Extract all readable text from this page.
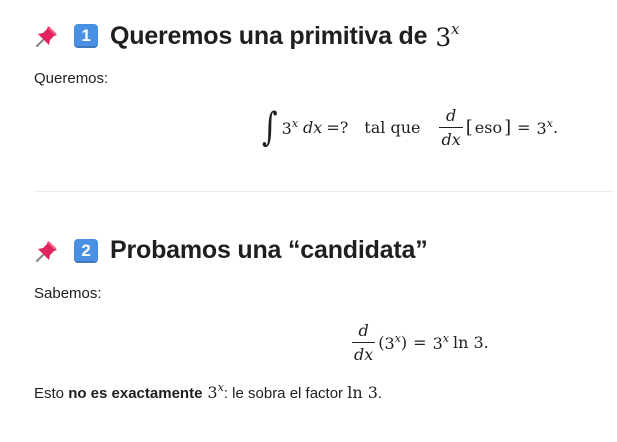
1 Queremos una primitiva de 3$^x$
Queremos:
∫ 3$^x$ dx =? tal que $\frac{d}{dx}$ [ eso ] = $3^x$ .
2 Probamos una “candidata”
Sabemos:
$\frac{d}{dx}$ ( 3$^x$ ) = $3^x$ ln 3 .
Esto no es exactamente 3$^x$: le sobra el factor ln 3.
